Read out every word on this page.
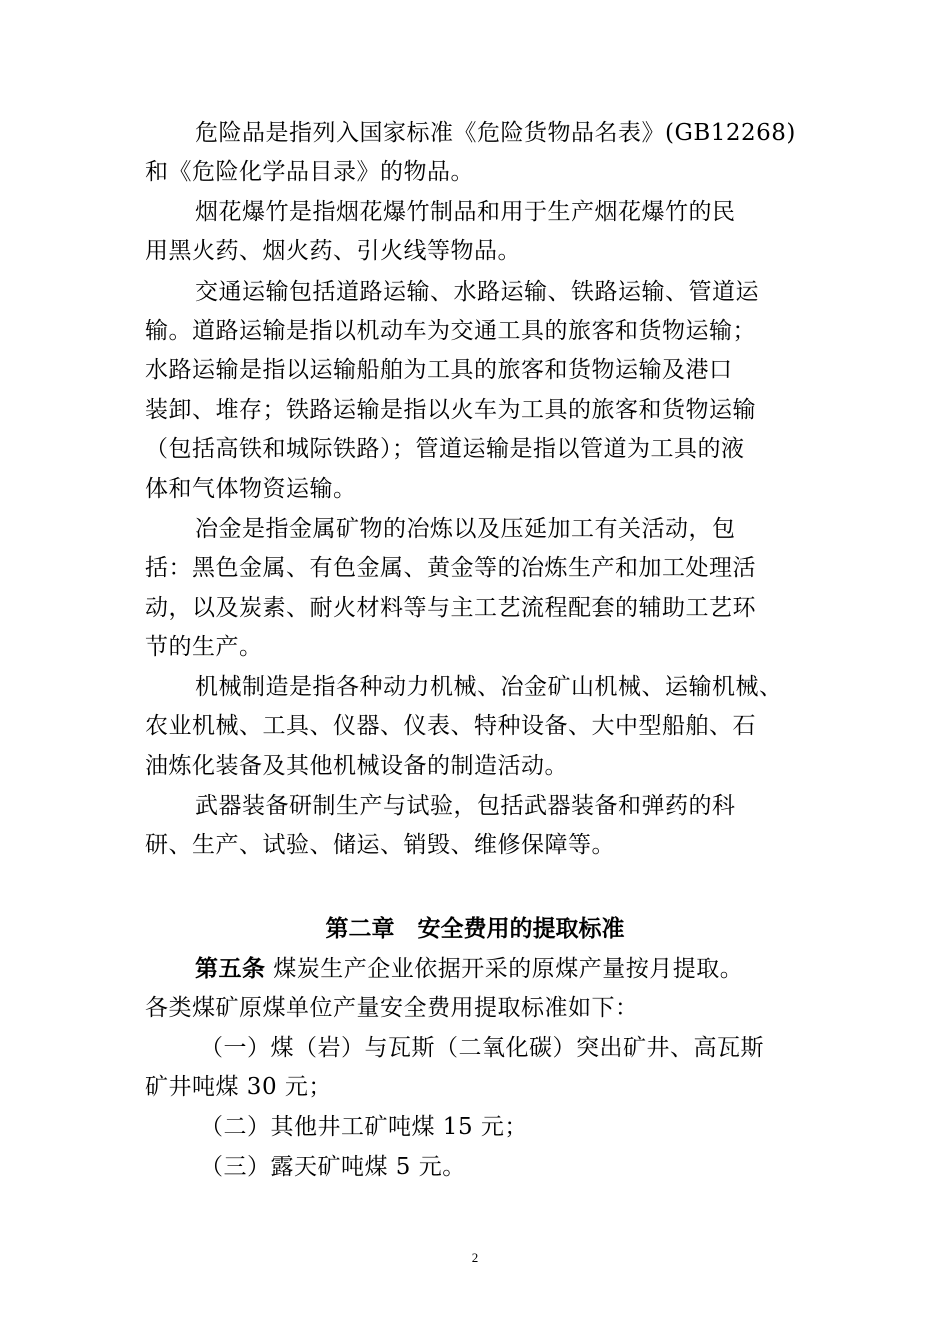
危险品是指列入国家标准《危险货物品名表》(GB12268)
和《危险化学品目录》的物品。
烟花爆竹是指烟花爆竹制品和用于生产烟花爆竹的民
用黑火药、烟火药、引火线等物品。
交通运输包括道路运输、水路运输、铁路运输、管道运
输。道路运输是指以机动车为交通工具的旅客和货物运输；
水路运输是指以运输船舶为工具的旅客和货物运输及港口
装卸、堆存；铁路运输是指以火车为工具的旅客和货物运输
（包括高铁和城际铁路）；管道运输是指以管道为工具的液
体和气体物资运输。
冶金是指金属矿物的冶炼以及压延加工有关活动，包
括：黑色金属、有色金属、黄金等的冶炼生产和加工处理活
动，以及炭素、耐火材料等与主工艺流程配套的辅助工艺环
节的生产。
机械制造是指各种动力机械、冶金矿山机械、运输机械、
农业机械、工具、仪器、仪表、特种设备、大中型船舶、石
油炼化装备及其他机械设备的制造活动。
武器装备研制生产与试验，包括武器装备和弹药的科
研、生产、试验、储运、销毁、维修保障等。
第二章　安全费用的提取标准
第五条 煤炭生产企业依据开采的原煤产量按月提取。
各类煤矿原煤单位产量安全费用提取标准如下：
（一）煤（岩）与瓦斯（二氧化碳）突出矿井、高瓦斯
矿井吨煤 30 元；
（二）其他井工矿吨煤 15 元；
（三）露天矿吨煤 5 元。
2
